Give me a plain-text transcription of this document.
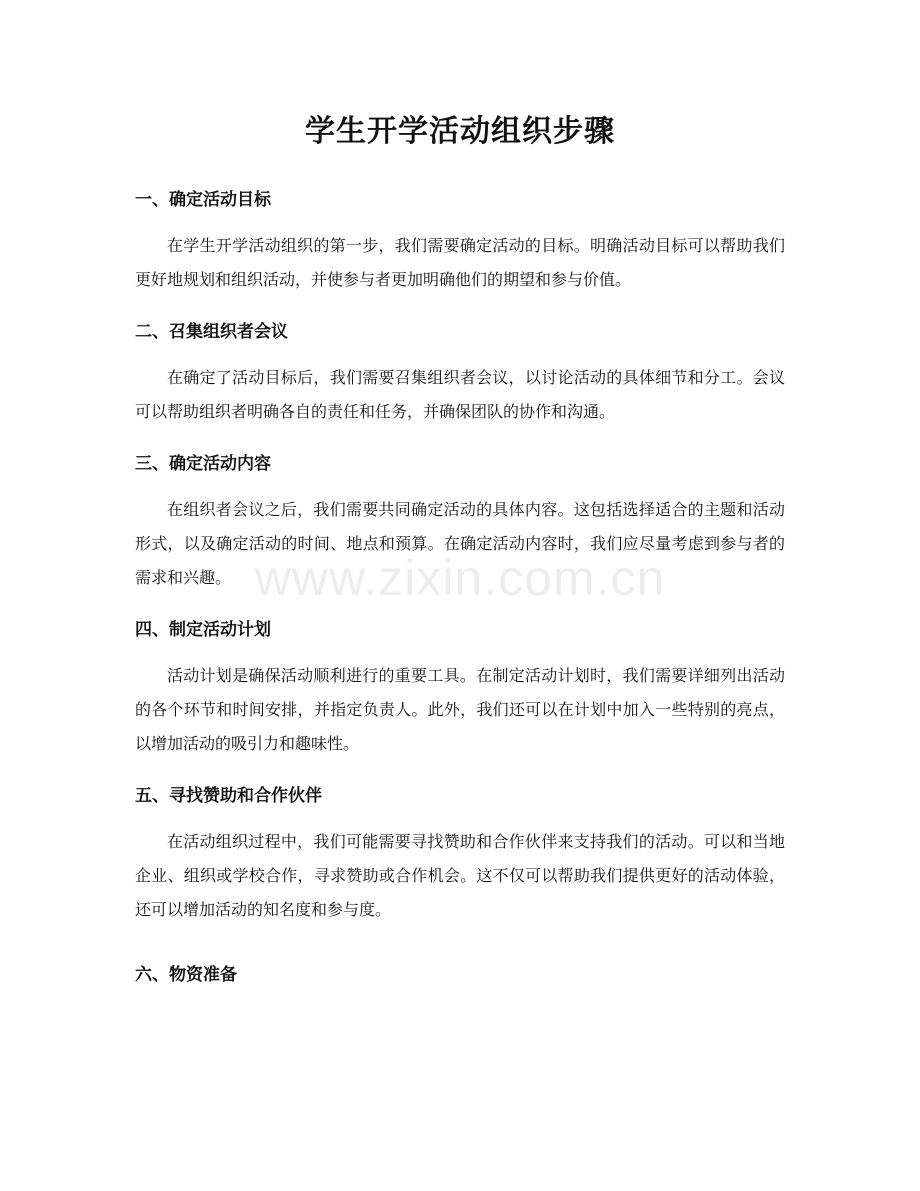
学生开学活动组织步骤
一、确定活动目标

在学生开学活动组织的第一步，我们需要确定活动的目标。明确活动目标可以帮助我们更好地规划和组织活动，并使参与者更加明确他们的期望和参与价值。

二、召集组织者会议

在确定了活动目标后，我们需要召集组织者会议，以讨论活动的具体细节和分工。会议可以帮助组织者明确各自的责任和任务，并确保团队的协作和沟通。

三、确定活动内容

在组织者会议之后，我们需要共同确定活动的具体内容。这包括选择适合的主题和活动形式，以及确定活动的时间、地点和预算。在确定活动内容时，我们应尽量考虑到参与者的需求和兴趣。

四、制定活动计划

活动计划是确保活动顺利进行的重要工具。在制定活动计划时，我们需要详细列出活动的各个环节和时间安排，并指定负责人。此外，我们还可以在计划中加入一些特别的亮点，以增加活动的吸引力和趣味性。

五、寻找赞助和合作伙伴

在活动组织过程中，我们可能需要寻找赞助和合作伙伴来支持我们的活动。可以和当地企业、组织或学校合作，寻求赞助或合作机会。这不仅可以帮助我们提供更好的活动体验，还可以增加活动的知名度和参与度。

六、物资准备
www.zixin.com.cn
